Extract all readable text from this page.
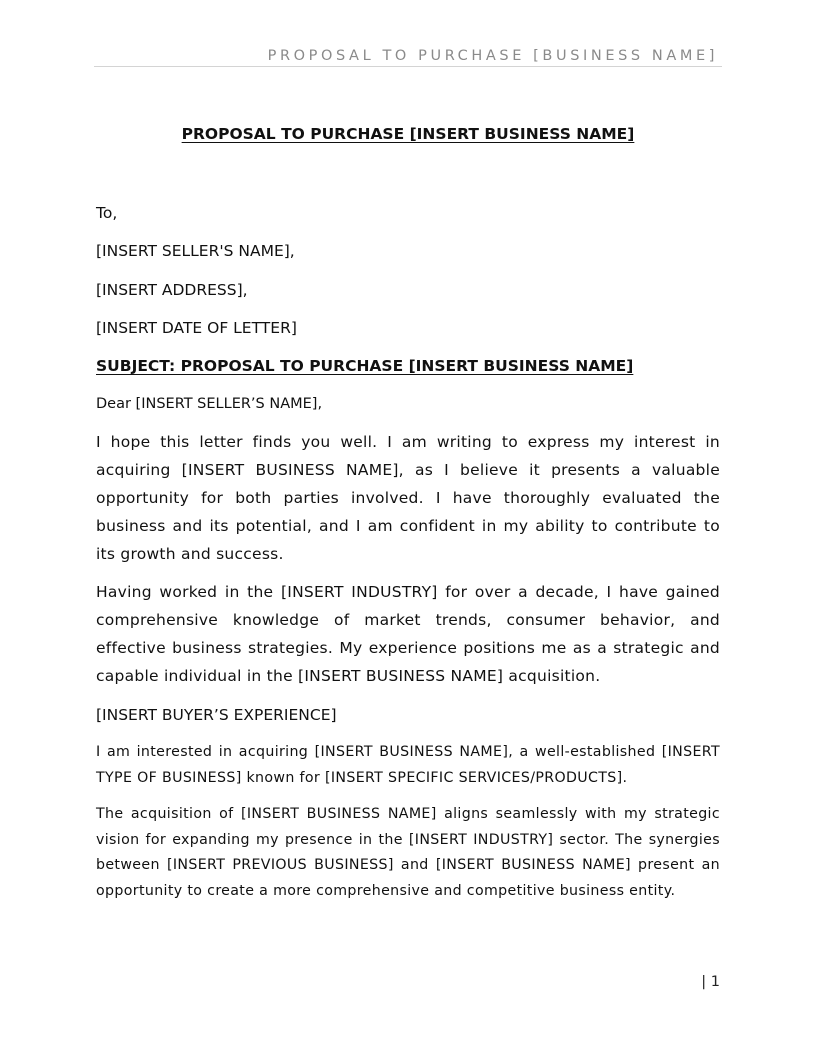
PROPOSAL TO PURCHASE [BUSINESS NAME]
PROPOSAL TO PURCHASE [INSERT BUSINESS NAME]
To,
[INSERT SELLER'S NAME],
[INSERT ADDRESS],
[INSERT DATE OF LETTER]
SUBJECT: PROPOSAL TO PURCHASE [INSERT BUSINESS NAME]
Dear [INSERT SELLER’S NAME],

I hope this letter finds you well. I am writing to express my interest in acquiring [INSERT BUSINESS NAME], as I believe it presents a valuable opportunity for both parties involved. I have thoroughly evaluated the business and its potential, and I am confident in my ability to contribute to its growth and success.

Having worked in the [INSERT INDUSTRY] for over a decade, I have gained comprehensive knowledge of market trends, consumer behavior, and effective business strategies. My experience positions me as a strategic and capable individual in the [INSERT BUSINESS NAME] acquisition.

[INSERT BUYER’S EXPERIENCE]

I am interested in acquiring [INSERT BUSINESS NAME], a well-established [INSERT TYPE OF BUSINESS] known for [INSERT SPECIFIC SERVICES/PRODUCTS].

The acquisition of [INSERT BUSINESS NAME] aligns seamlessly with my strategic vision for expanding my presence in the [INSERT INDUSTRY] sector. The synergies between [INSERT PREVIOUS BUSINESS] and [INSERT BUSINESS NAME] present an opportunity to create a more comprehensive and competitive business entity.

| 1
